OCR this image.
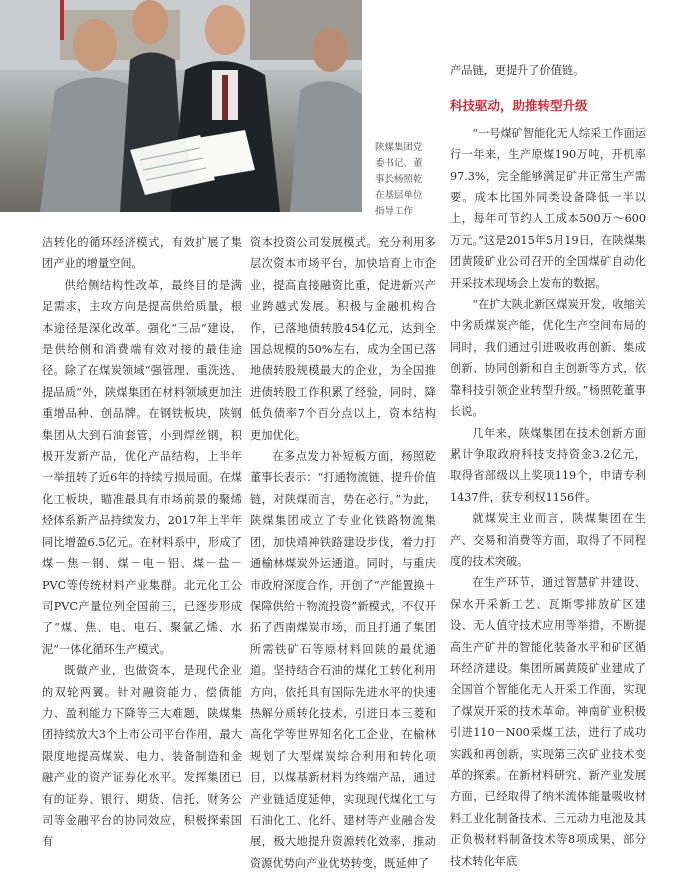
陕煤集团党
委书记、董
事长杨照乾
在基层单位
指导工作

洁转化的循环经济模式，有效扩展了集团产业的增量空间。

供给侧结构性改革，最终目的是满足需求，主攻方向是提高供给质量，根本途径是深化改革。强化“三品”建设，是供给侧和消费端有效对接的最佳途径。除了在煤炭领域“强管理、重洗选、提品质”外，陕煤集团在材料领域更加注重增品种、创品牌。在钢铁板块，陕钢集团从大到石油套管，小到焊丝钢，积极开发新产品，优化产品结构，上半年一举扭转了近6年的持续亏损局面。在煤化工板块，瞄准最具有市场前景的聚烯烃体系新产品持续发力，2017年上半年同比增盈6.5亿元。在材料系中，形成了煤－焦－钢、煤－电－铝、煤－盐－PVC等传统材料产业集群。北元化工公司PVC产量位列全国前三，已逐步形成了“煤、焦、电、电石、聚氯乙烯、水泥”一体化循环生产模式。

既做产业，也做资本，是现代企业的双轮两翼。针对融资能力、偿债能力、盈利能力下降等三大难题，陕煤集团持续放大3个上市公司平台作用，最大限度地提高煤炭、电力、装备制造和金融产业的资产证券化水平。发挥集团已有的证券、银行、期货、信托、财务公司等金融平台的协同效应，积极探索国有

资本投资公司发展模式。充分利用多层次资本市场平台，加快培育上市企业，提高直接融资比重，促进新兴产业跨越式发展。积极与金融机构合作，已落地债转股454亿元，达到全国总规模的50%左右，成为全国已落地债转股规模最大的企业，为全国推进债转股工作积累了经验，同时，降低负债率7个百分点以上，资本结构更加优化。

在多点发力补短板方面，杨照乾董事长表示：“打通物流链、提升价值链，对陕煤而言，势在必行。”为此，陕煤集团成立了专业化铁路物流集团，加快靖神铁路建设步伐，着力打通榆林煤炭外运通道。同时，与重庆市政府深度合作，开创了“产能置换＋保障供给＋物流投资”新模式，不仅开拓了西南煤炭市场，而且打通了集团所需铁矿石等原材料回陕的最优通道。坚持结合石油的煤化工转化利用方向，依托具有国际先进水平的快速热解分质转化技术，引进日本三菱和高化学等世界知名化工企业，在榆林规划了大型煤炭综合利用和转化项目，以煤基新材料为终端产品，通过产业链适度延伸，实现现代煤化工与石油化工、化纤、建材等产业融合发展，极大地提升资源转化效率，推动资源优势向产业优势转变，既延伸了

产品链，更提升了价值链。

科技驱动，助推转型升级

“一号煤矿智能化无人综采工作面运行一年来，生产原煤190万吨，开机率97.3%，完全能够满足矿井正常生产需要。成本比国外同类设备降低一半以上，每年可节约人工成本500万～600万元。”这是2015年5月19日，在陕煤集团黄陵矿业公司召开的全国煤矿自动化开采技术现场会上发布的数据。

“在扩大陕北新区煤炭开发，收缩关中劣质煤炭产能，优化生产空间布局的同时，我们通过引进吸收再创新、集成创新、协同创新和自主创新等方式，依靠科技引领企业转型升级。”杨照乾董事长说。

几年来，陕煤集团在技术创新方面累计争取政府科技支持资金3.2亿元，取得省部级以上奖项119个，申请专利1437件，获专利权1156件。

就煤炭主业而言，陕煤集团在生产、交易和消费等方面，取得了不同程度的技术突破。

在生产环节，通过智慧矿井建设、保水开采新工艺、瓦斯零排放矿区建设、无人值守技术应用等举措，不断提高生产矿井的智能化装备水平和矿区循环经济建设。集团所属黄陵矿业建成了全国首个智能化无人开采工作面，实现了煤炭开采的技术革命。神南矿业积极引进110－N00采煤工法，进行了成功实践和再创新，实现第三次矿业技术变革的探索。在新材料研究、新产业发展方面，已经取得了纳米流体能量吸收材料工业化制备技术、三元动力电池及其正负极材料制备技术等8项成果，部分技术转化年底
